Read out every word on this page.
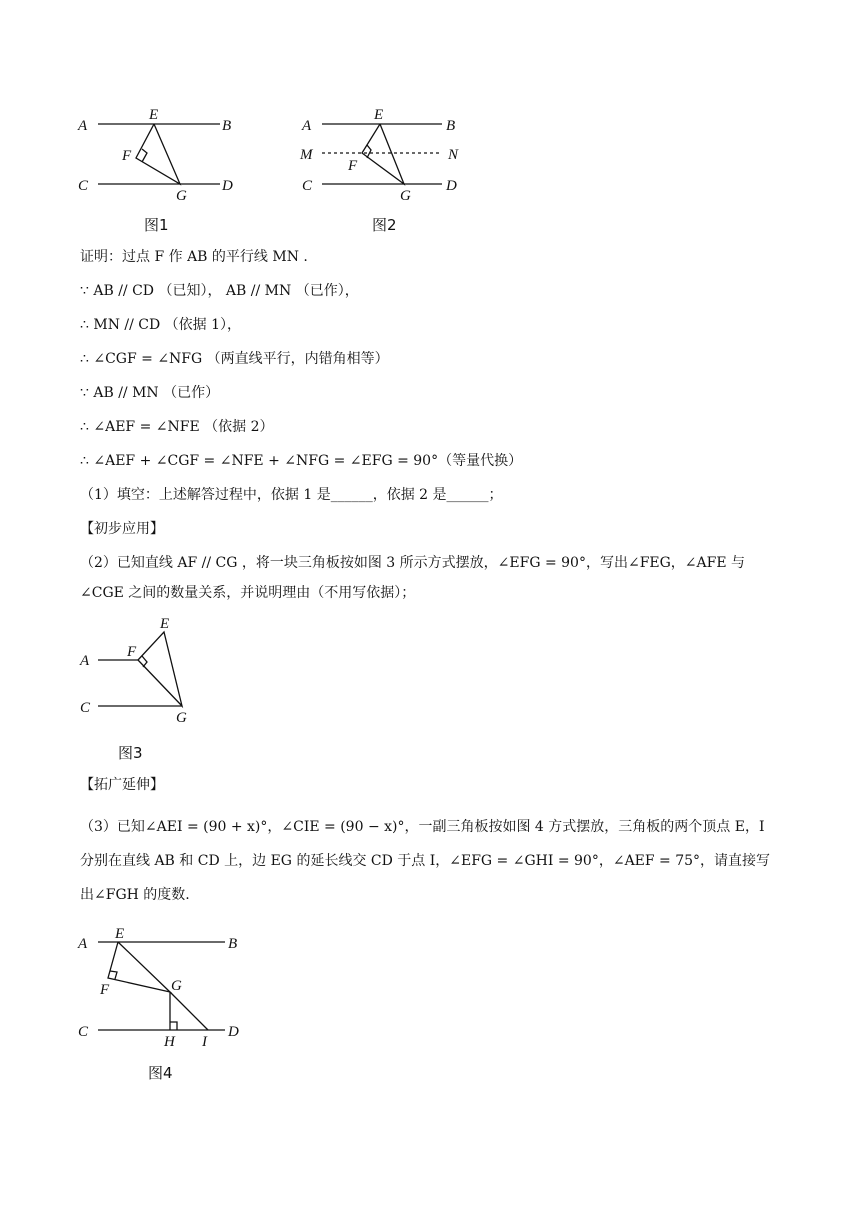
A	B
C	D
E
F
G
图1
A	B
M	N
C	D
E
F
G
图2
证明：过点 F 作 AB 的平行线 MN .
∵ AB // CD （已知）， AB // MN （已作），
∴ MN // CD （依据 1），
∴ ∠CGF = ∠NFG （两直线平行，内错角相等）
∵ AB // MN （已作）
∴ ∠AEF = ∠NFE （依据 2）
∴ ∠AEF + ∠CGF = ∠NFE + ∠NFG = ∠EFG = 90°（等量代换）
（1）填空：上述解答过程中，依据 1 是______，依据 2 是______；
【初步应用】
（2）已知直线 AF // CG ，将一块三角板按如图 3 所示方式摆放，∠EFG = 90°，写出∠FEG，∠AFE 与∠CGE 之间的数量关系，并说明理由（不用写依据）；
A
C
E
F
G
图3
【拓广延伸】
（3）已知∠AEI = (90 + x)°，∠CIE = (90 − x)°，一副三角板按如图 4 方式摆放，三角板的两个顶点 E，I 分别在直线 AB 和 CD 上，边 EG 的延长线交 CD 于点 I，∠EFG = ∠GHI = 90°，∠AEF = 75°，请直接写出∠FGH 的度数.
A	B
C	D
E
F	G
H I
图4
